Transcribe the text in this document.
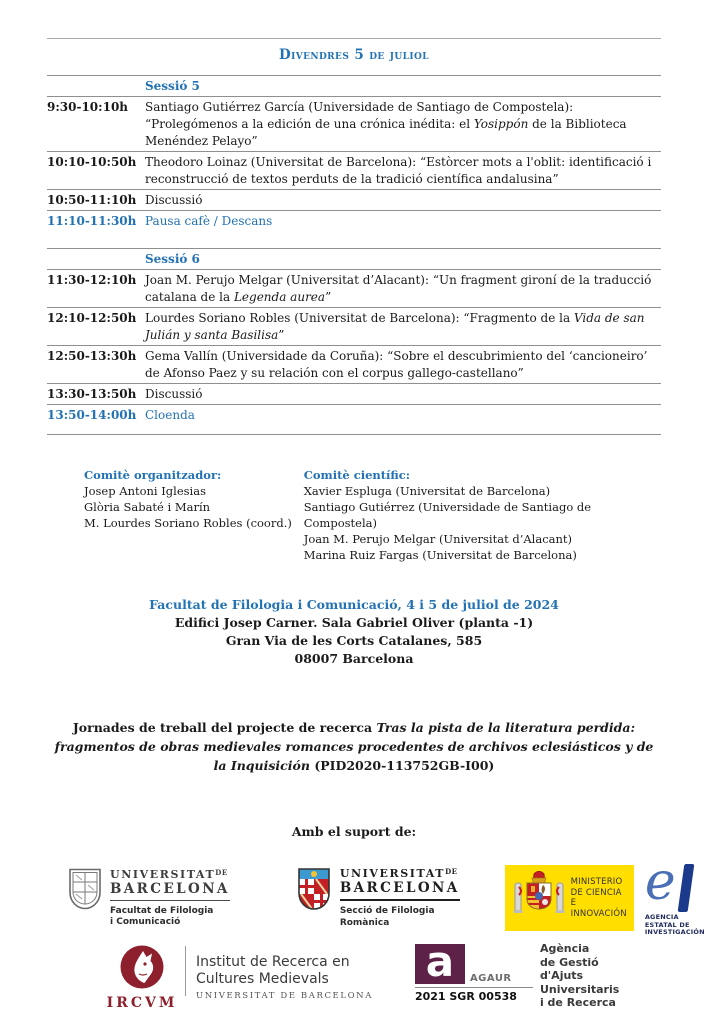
Divendres 5 de juliol
	Sessió 5
9:30-10:10h	Santiago Gutiérrez García (Universidade de Santiago de Compostela): “Prolegómenos a la edición de una crónica inédita: el Yosippón de la Biblioteca Menéndez Pelayo”
10:10-10:50h	Theodoro Loinaz (Universitat de Barcelona): “Estòrcer mots a l'oblit: identificació i reconstrucció de textos perduts de la tradició científica andalusina”
10:50-11:10h	Discussió
11:10-11:30h	Pausa cafè / Descans
	Sessió 6
11:30-12:10h	Joan M. Perujo Melgar (Universitat d’Alacant): “Un fragment gironí de la traducció catalana de la Legenda aurea”
12:10-12:50h	Lourdes Soriano Robles (Universitat de Barcelona): “Fragmento de la Vida de san Julián y santa Basilisa”
12:50-13:30h	Gema Vallín (Universidade da Coruña): “Sobre el descubrimiento del ‘cancioneiro’ de Afonso Paez y su relación con el corpus gallego-castellano”
13:30-13:50h	Discussió
13:50-14:00h	Cloenda
Comitè organitzador:
Josep Antoni Iglesias
Glòria Sabaté i Marín
M. Lourdes Soriano Robles (coord.)
Comitè científic:
Xavier Espluga (Universitat de Barcelona)
Santiago Gutiérrez (Universidade de Santiago de Compostela)
Joan M. Perujo Melgar (Universitat d’Alacant)
Marina Ruiz Fargas (Universitat de Barcelona)
Facultat de Filologia i Comunicació, 4 i 5 de juliol de 2024
Edifici Josep Carner. Sala Gabriel Oliver (planta -1)
Gran Via de les Corts Catalanes, 585
08007 Barcelona
Jornades de treball del projecte de recerca Tras la pista de la literatura perdida: fragmentos de obras medievales romances procedentes de archivos eclesiásticos y de la Inquisición (PID2020-113752GB-I00)
Amb el suport de:
$UNIVERSITAT^{DE}$
BARCELONA
Facultat de Filologia
i Comunicació
$UNIVERSITAT^{DE}$
BARCELONA
Secció de Filologia Romànica
MINISTERIO
DE CIENCIA
E INNOVACIÓN
e
AGENCIA
ESTATAL DE
INVESTIGACIÓN
IRCVM
Institut de Recerca en
Cultures Medievals
UNIVERSITAT DE BARCELONA
a	AGAUR
2021 SGR 00538
Agència
de Gestió
d'Ajuts
Universitaris
i de Recerca
